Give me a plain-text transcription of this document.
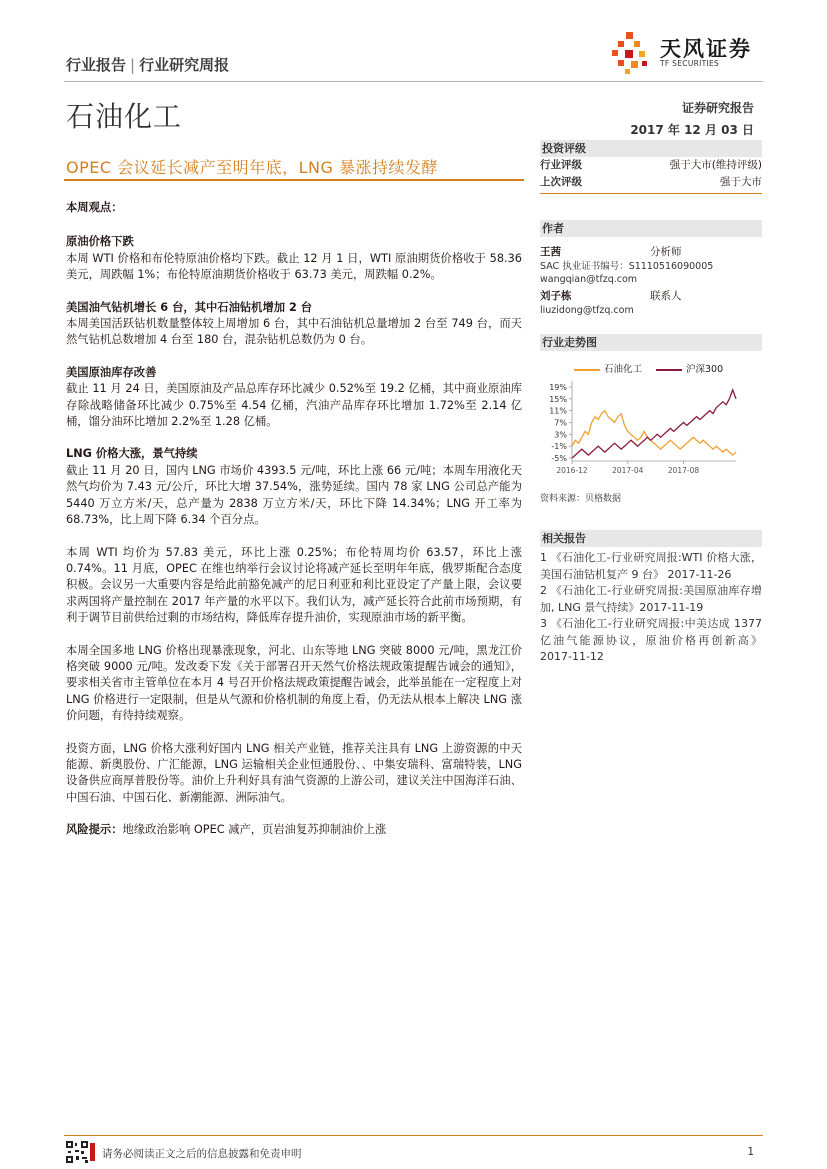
行业报告 | 行业研究周报
天风证券
TF SECURITIES
石油化工	证券研究报告
2017 年 12 月 03 日
OPEC 会议延长减产至明年底，LNG 暴涨持续发酵
本周观点：
原油价格下跌

本周 WTI 价格和布伦特原油价格均下跌。截止 12 月 1 日，WTI 原油期货价格收于 58.36 美元，周跌幅 1%；布伦特原油期货价格收于 63.73 美元，周跌幅 0.2%。

美国油气钻机增长 6 台，其中石油钻机增加 2 台

本周美国活跃钻机数量整体较上周增加 6 台，其中石油钻机总量增加 2 台至 749 台，而天然气钻机总数增加 4 台至 180 台，混杂钻机总数仍为 0 台。

美国原油库存改善

截止 11 月 24 日，美国原油及产品总库存环比减少 0.52%至 19.2 亿桶，其中商业原油库存除战略储备环比减少 0.75%至 4.54 亿桶，汽油产品库存环比增加 1.72%至 2.14 亿桶，馏分油环比增加 2.2%至 1.28 亿桶。

LNG 价格大涨，景气持续

截止 11 月 20 日，国内 LNG 市场价 4393.5 元/吨，环比上涨 66 元/吨；本周车用液化天然气均价为 7.43 元/公斤，环比大增 37.54%，涨势延续。国内 78 家 LNG 公司总产能为 5440 万立方米/天，总产量为 2838 万立方米/天，环比下降 14.34%；LNG 开工率为 68.73%，比上周下降 6.34 个百分点。

本周 WTI 均价为 57.83 美元，环比上涨 0.25%；布伦特周均价 63.57，环比上涨 0.74%。11 月底，OPEC 在维也纳举行会议讨论将减产延长至明年年底，俄罗斯配合态度积极。会议另一大重要内容是给此前豁免减产的尼日利亚和利比亚设定了产量上限，会议要求两国将产量控制在 2017 年产量的水平以下。我们认为，减产延长符合此前市场预期，有利于调节目前供给过剩的市场结构，降低库存提升油价，实现原油市场的新平衡。

本周全国多地 LNG 价格出现暴涨现象，河北、山东等地 LNG 突破 8000 元/吨，黑龙江价格突破 9000 元/吨。发改委下发《关于部署召开天然气价格法规政策提醒告诫会的通知》，要求相关省市主管单位在本月 4 号召开价格法规政策提醒告诫会，此举虽能在一定程度上对 LNG 价格进行一定限制，但是从气源和价格机制的角度上看，仍无法从根本上解决 LNG 涨价问题，有待持续观察。

投资方面，LNG 价格大涨利好国内 LNG 相关产业链，推荐关注具有 LNG 上游资源的中天能源、新奥股份、广汇能源，LNG 运输相关企业恒通股份、、中集安瑞科、富瑞特装，LNG 设备供应商厚普股份等。油价上升利好具有油气资源的上游公司，建议关注中国海洋石油、中国石油、中国石化、新潮能源、洲际油气。

风险提示：地缘政治影响 OPEC 减产，页岩油复苏抑制油价上涨

投资评级
行业评级	强于大市(维持评级)
上次评级	强于大市
作者
王茜	分析师
SAC 执业证书编号：S1110516090005
wangqian@tfzq.com
刘子栋	联系人
liuzidong@tfzq.com
行业走势图
石油化工	沪深300
19%
15%
11%
7%
3%
-1%
-5%
2016-12	2017-04	2017-08
资料来源：贝格数据
相关报告
1 《石油化工-行业研究周报:WTI 价格大涨，美国石油钻机复产 9 台》 2017-11-26
2 《石油化工-行业研究周报:美国原油库存增加, LNG 景气持续》2017-11-19
3 《石油化工-行业研究周报:中美达成 1377 亿油气能源协议，原油价格再创新高》 2017-11-12
请务必阅读正文之后的信息披露和免责申明	1
